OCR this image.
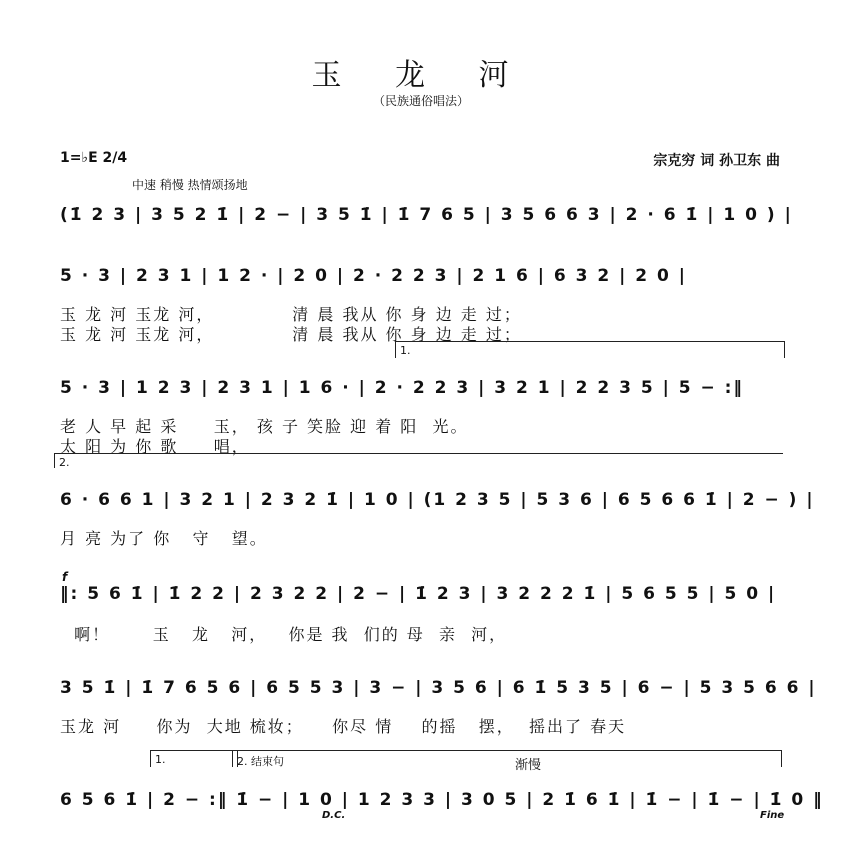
玉 龙 河
（民族通俗唱法）
1=♭E 2/4
中速 稍慢 热情颂扬地
宗克穷 词 孙卫东 曲
(1̇ 2 3 | 3 5 2 1̇ | 2 − | 3 5 1̇ | 1̇ 7 6 5 | 3 5 6 6 3 | 2 · 6 1̇ | 1 0 ) |
5 · 3 | 2 3 1 | 1 2 · | 2 0 | 2 · 2 2 3 | 2 1 6 | 6 3 2 | 2 0 |
玉 龙 河 玉龙 河，           清 晨 我从 你 身 边 走 过；
玉 龙 河 玉龙 河，           清 晨 我从 你 身 边 走 过；
1.
5 · 3 | 1 2 3 | 2 3 1 | 1 6 · | 2 · 2 2 3 | 3 2 1 | 2 2 3 5 | 5 − :‖
老 人 早 起 采     玉， 孩 子 笑脸 迎 着 阳  光。
太 阳 为 你 歌     唱，
2.
6 · 6 6 1 | 3 2 1 | 2 3 2 1̇ | 1 0 | (1 2 3 5 | 5 3 6 | 6 5 6 6 1̇ | 2 − ) |
月 亮 为了 你   守   望。
f
‖: 5 6 1̇ | 1̇ 2 2 | 2 3 2 2 | 2 − | 1̇ 2 3 | 3 2 2 2 1̇ | 5 6 5 5 | 5 0 |
啊！      玉   龙   河，   你是 我  们的 母  亲  河，
3 5 1̇ | 1̇ 7 6 5 6 | 6 5 5 3 | 3 − | 3 5 6 | 6 1̇ 5 3 5 | 6 − | 5 3 5 6 6 |
玉龙 河     你为  大地 梳妆；    你尽 情    的摇   摆，  摇出了 春天
1.	2. 结束句	渐慢
6 5 6 1̇ | 2 − :‖ 1̇ − | 1 0 | 1 2 3 3 | 3 0 5 | 2 1̇ 6 1̇ | 1̇ − | 1̇ − | 1̇ 0 ‖
D.C.	Fine
